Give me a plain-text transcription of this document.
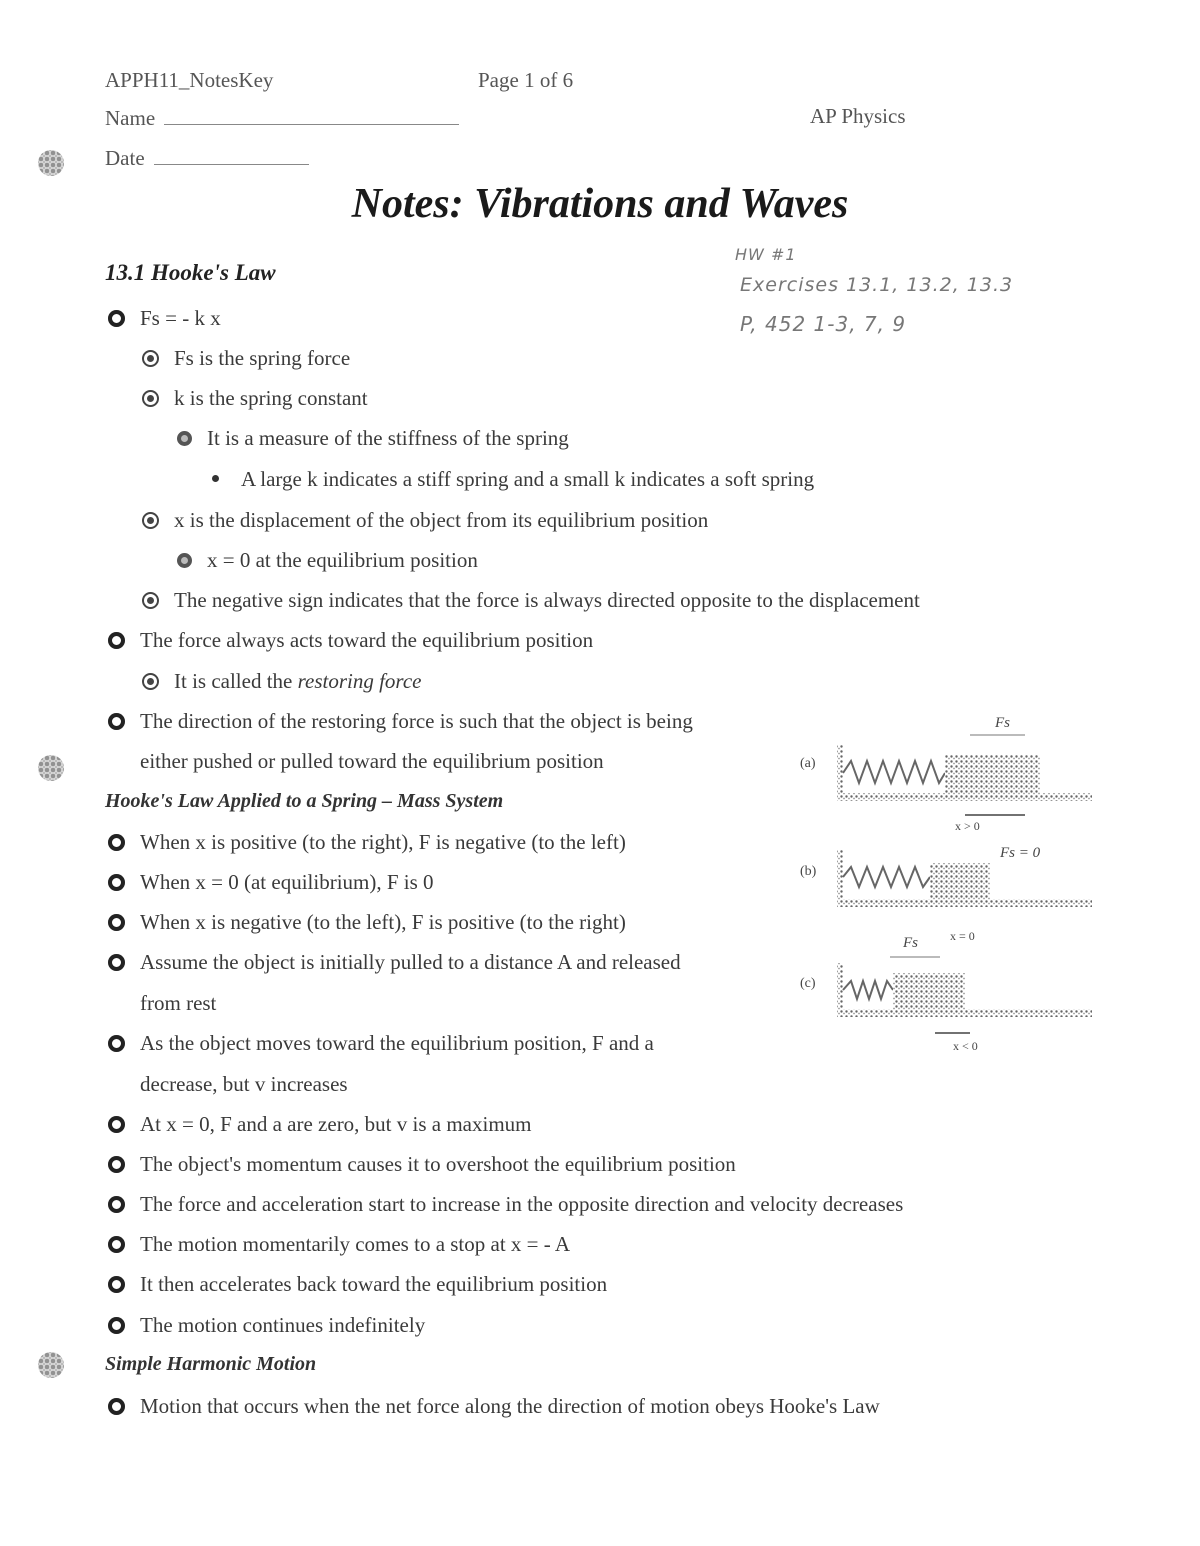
APPH11_NotesKey	Page 1 of 6
Name	AP Physics
Date
Notes: Vibrations and Waves
HW #1
Exercises 13.1, 13.2, 13.3
P, 452 1-3, 7, 9
13.1 Hooke's Law
Fs = - k x
Fs is the spring force
k is the spring constant
It is a measure of the stiffness of the spring
A large k indicates a stiff spring and a small k indicates a soft spring
x is the displacement of the object from its equilibrium position
x = 0 at the equilibrium position
The negative sign indicates that the force is always directed opposite to the displacement
The force always acts toward the equilibrium position
It is called the restoring force
The direction of the restoring force is such that the object is being
either pushed or pulled toward the equilibrium position
Hooke's Law Applied to a Spring – Mass System
When x is positive (to the right), F is negative (to the left)
When x = 0 (at equilibrium), F is 0
When x is negative (to the left), F is positive (to the right)
Assume the object is initially pulled to a distance A and released
from rest
As the object moves toward the equilibrium position, F and a
decrease, but v increases
At x = 0, F and a are zero, but v is a maximum
The object's momentum causes it to overshoot the equilibrium position
The force and acceleration start to increase in the opposite direction and velocity decreases
The motion momentarily comes to a stop at x = - A
It then accelerates back toward the equilibrium position
The motion continues indefinitely
Simple Harmonic Motion
Motion that occurs when the net force along the direction of motion obeys Hooke's Law
(a)
Fs
x > 0
(b)
Fs = 0
x = 0
(c)
Fs
x < 0
